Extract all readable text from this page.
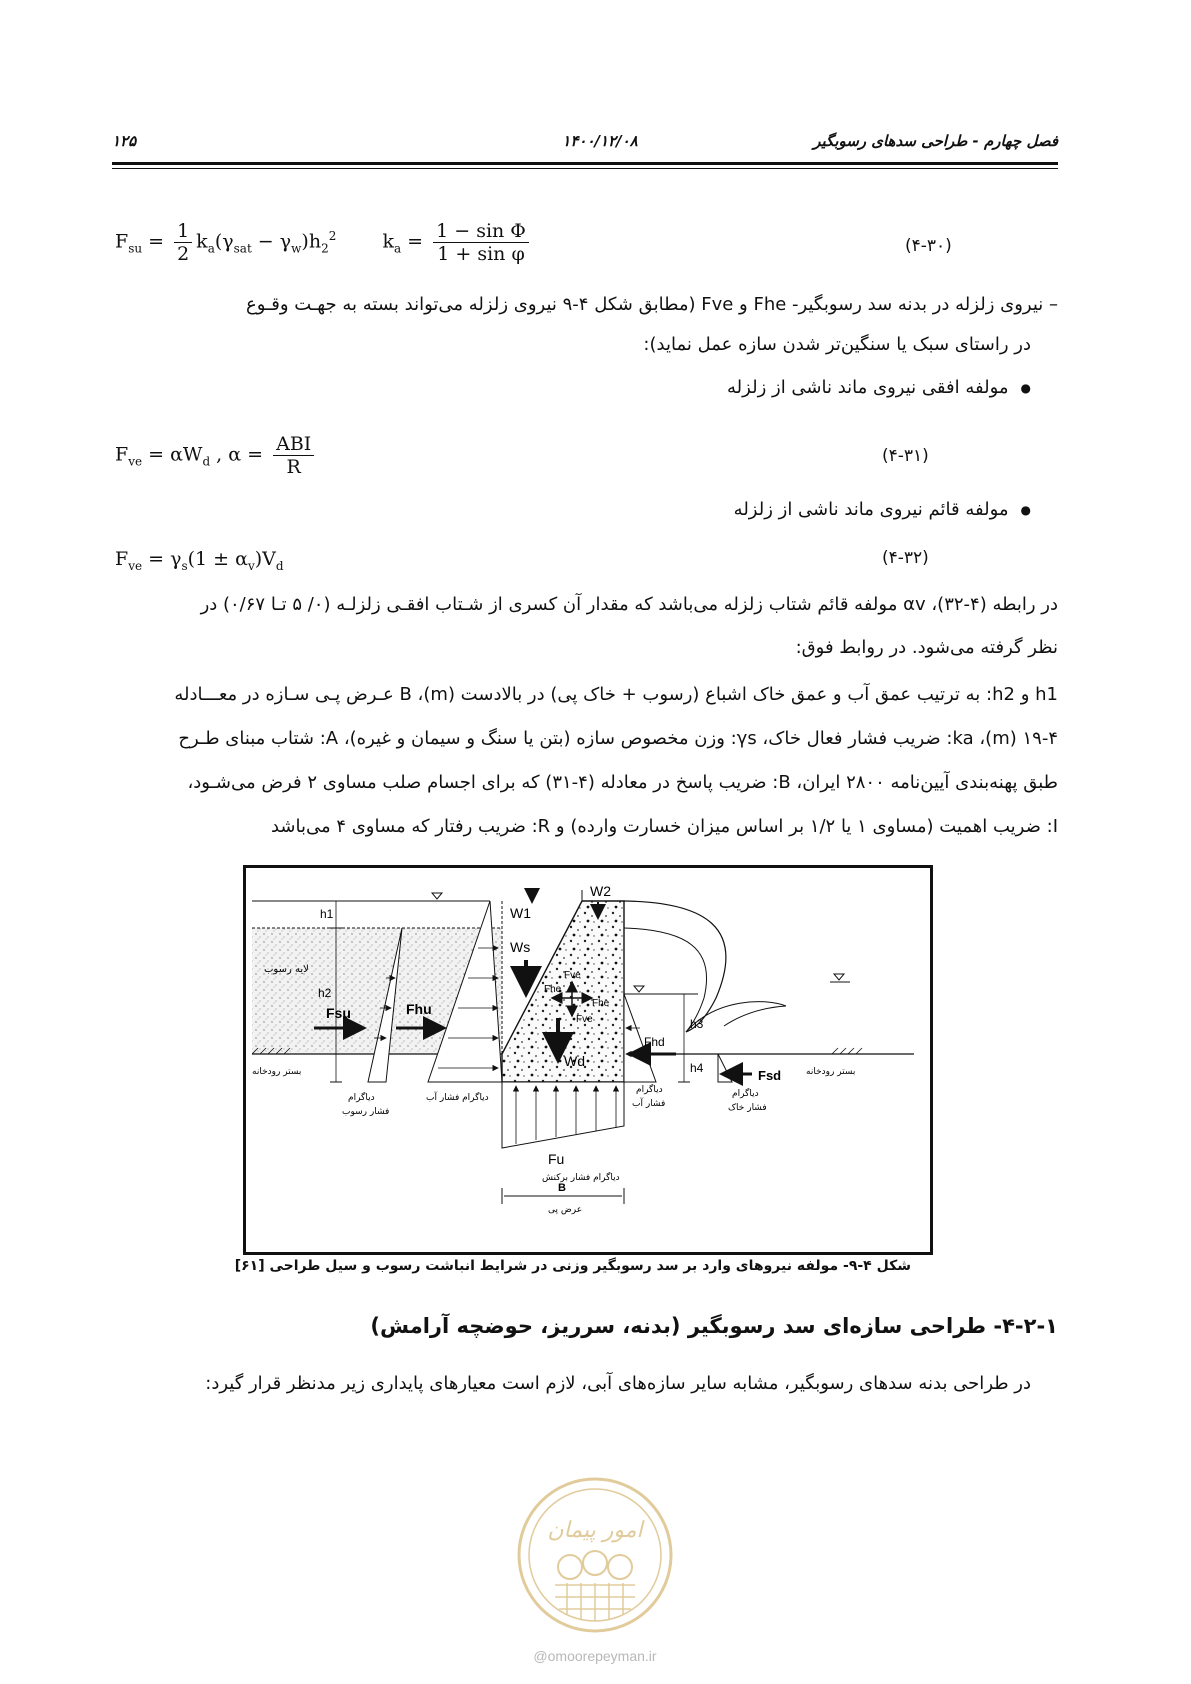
۱۲۵	۱۴۰۰/۱۲/۰۸	فصل چهارم - طراحی سدهای رسوبگیر
$F_{su} = \frac{1}{2} k_a(\gamma_{sat} - \gamma_w)h_2^2$ $k_a = \frac{\text{1 − sin Φ}}{\text{1 + sin φ}}$	(۴-۳۰)
– نیروی زلزله در بدنه سد رسوبگیر- Fhe و Fve (مطابق شکل ۴-۹ نیروی زلزله می‌تواند بسته به جهـت وقـوع
در راستای سبک یا سنگین‌تر شدن سازه عمل نماید):
● مولفه افقی نیروی ماند ناشی از زلزله
$F_{ve} = \alpha W_d$ , $\alpha = \frac{\text{ABI}}{R}$	(۴-۳۱)
● مولفه قائم نیروی ماند ناشی از زلزله
$F_{ve} = \gamma_s(1 \pm \alpha_v)V_d$	(۴-۳۲)
در رابطه (۴-۳۲)، αv مولفه قائم شتاب زلزله می‌باشد که مقدار آن کسری از شـتاب افقـی زلزلـه (۰/ ۵ تـا ۰/۶۷) در
نظر گرفته می‌شود. در روابط فوق:
h1 و h2: به ترتیب عمق آب و عمق خاک اشباع (رسوب + خاک پی) در بالادست (m)، B عـرض پـی سـازه در معـــادله
۱۹-۴ (m)، ka: ضریب فشار فعال خاک، γs: وزن مخصوص سازه (بتن یا سنگ و سیمان و غیره)، A: شتاب مبنای طـرح
طبق پهنه‌بندی آیین‌نامه ۲۸۰۰ ایران، B: ضریب پاسخ در معادله (۴-۳۱) که برای اجسام صلب مساوی ۲ فرض می‌شـود،
I: ضریب اهمیت (مساوی ۱ یا ۱/۲ بر اساس میزان خسارت وارده) و R: ضریب رفتار که مساوی ۴ می‌باشد
h1
h2
Fsu	Fhu
W1
W2
Ws
Wd
Fve
Fhe
Fhe
Fve
Fhd
h3
h4	Fsd
Fu
دیاگرام فشار برکنش
B
عرض پی
لایه رسوب
بستر رودخانه	بستر رودخانه
دیاگرام
فشار رسوب
دیاگرام فشار آب
دیاگرام
فشار آب
دیاگرام
فشار خاک
شکل ۴-۹- مولفه نیروهای وارد بر سد رسوبگیر وزنی در شرایط انباشت رسوب و سیل طراحی [۶۱]
۴-۲-۱- طراحی سازه‌ای سد رسوبگیر (بدنه، سرریز، حوضچه آرامش)
در طراحی بدنه سدهای رسوبگیر، مشابه سایر سازه‌های آبی، لازم است معیارهای پایداری زیر مدنظر قرار گیرد:
امور پیمان
@omoorepeyman.ir
